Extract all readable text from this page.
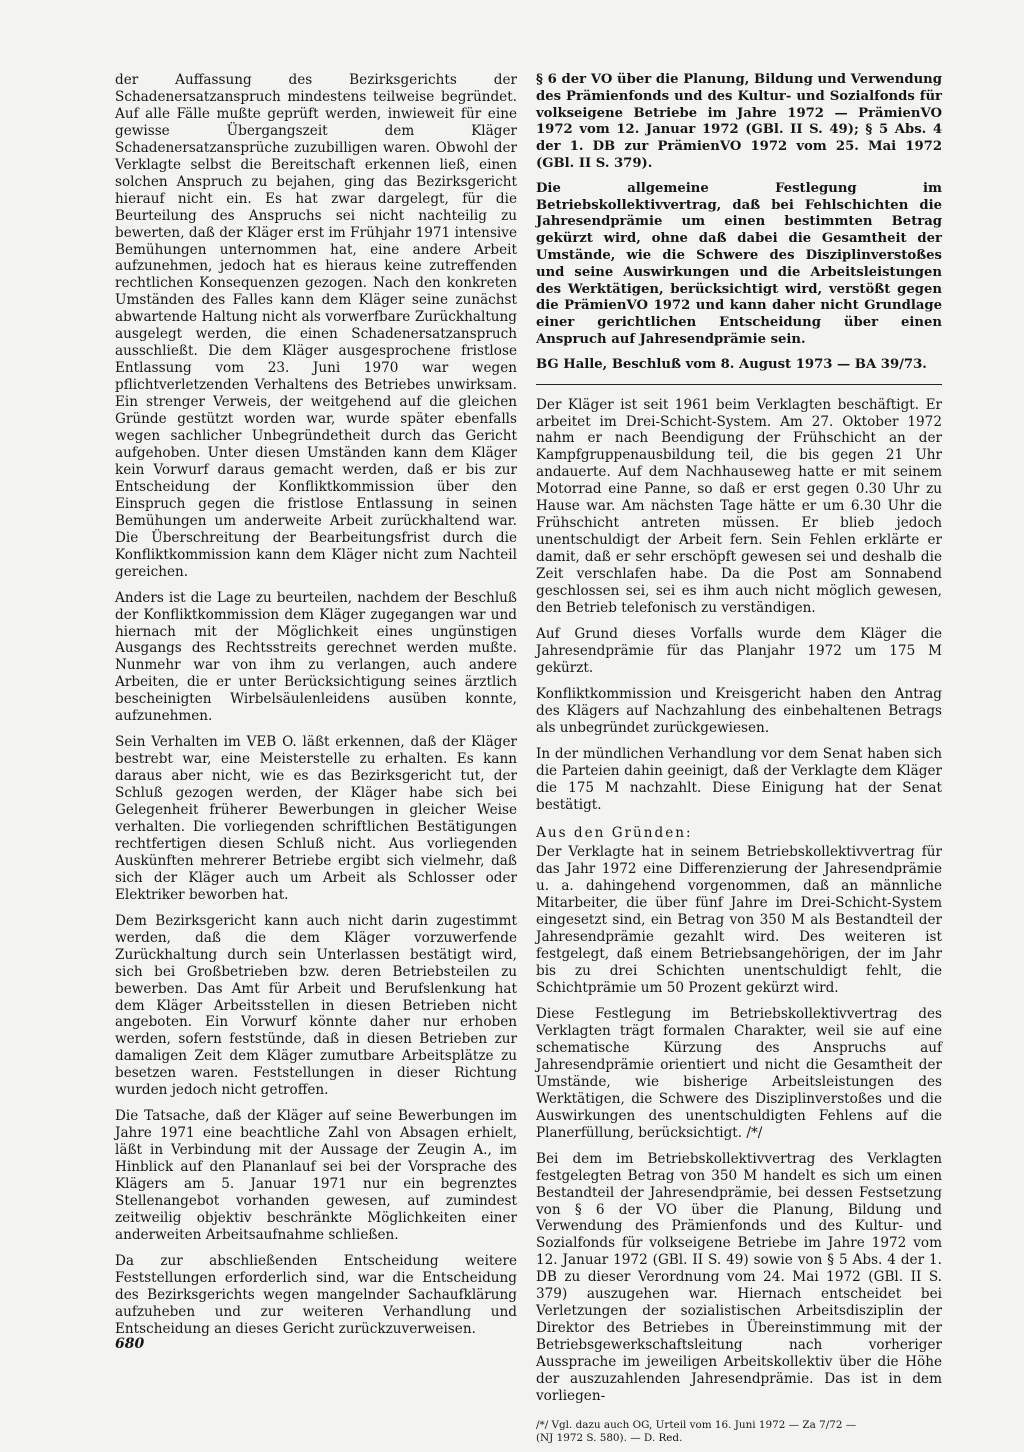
der Auffassung des Bezirksgerichts der Schadenersatzanspruch mindestens teilweise begründet. Auf alle Fälle mußte geprüft werden, inwieweit für eine gewisse Übergangszeit dem Kläger Schadenersatzansprüche zuzubilligen waren. Obwohl der Verklagte selbst die Bereitschaft erkennen ließ, einen solchen Anspruch zu bejahen, ging das Bezirksgericht hierauf nicht ein. Es hat zwar dargelegt, für die Beurteilung des Anspruchs sei nicht nachteilig zu bewerten, daß der Kläger erst im Frühjahr 1971 intensive Bemühungen unternommen hat, eine andere Arbeit aufzunehmen, jedoch hat es hieraus keine zutreffenden rechtlichen Konsequenzen gezogen. Nach den konkreten Umständen des Falles kann dem Kläger seine zunächst abwartende Haltung nicht als vorwerfbare Zurückhaltung ausgelegt werden, die einen Schadenersatzanspruch ausschließt. Die dem Kläger ausgesprochene fristlose Entlassung vom 23. Juni 1970 war wegen pflichtverletzenden Verhaltens des Betriebes unwirksam. Ein strenger Verweis, der weitgehend auf die gleichen Gründe gestützt worden war, wurde später ebenfalls wegen sachlicher Unbegründetheit durch das Gericht aufgehoben. Unter diesen Umständen kann dem Kläger kein Vorwurf daraus gemacht werden, daß er bis zur Entscheidung der Konfliktkommission über den Einspruch gegen die fristlose Entlassung in seinen Bemühungen um anderweite Arbeit zurückhaltend war. Die Überschreitung der Bearbeitungsfrist durch die Konfliktkommission kann dem Kläger nicht zum Nachteil gereichen.

Anders ist die Lage zu beurteilen, nachdem der Beschluß der Konfliktkommission dem Kläger zugegangen war und hiernach mit der Möglichkeit eines ungünstigen Ausgangs des Rechtsstreits gerechnet werden mußte. Nunmehr war von ihm zu verlangen, auch andere Arbeiten, die er unter Berücksichtigung seines ärztlich bescheinigten Wirbelsäulenleidens ausüben konnte, aufzunehmen.

Sein Verhalten im VEB O. läßt erkennen, daß der Kläger bestrebt war, eine Meisterstelle zu erhalten. Es kann daraus aber nicht, wie es das Bezirksgericht tut, der Schluß gezogen werden, der Kläger habe sich bei Gelegenheit früherer Bewerbungen in gleicher Weise verhalten. Die vorliegenden schriftlichen Bestätigungen rechtfertigen diesen Schluß nicht. Aus vorliegenden Auskünften mehrerer Betriebe ergibt sich vielmehr, daß sich der Kläger auch um Arbeit als Schlosser oder Elektriker beworben hat.

Dem Bezirksgericht kann auch nicht darin zugestimmt werden, daß die dem Kläger vorzuwerfende Zurückhaltung durch sein Unterlassen bestätigt wird, sich bei Großbetrieben bzw. deren Betriebsteilen zu bewerben. Das Amt für Arbeit und Berufslenkung hat dem Kläger Arbeitsstellen in diesen Betrieben nicht angeboten. Ein Vorwurf könnte daher nur erhoben werden, sofern feststünde, daß in diesen Betrieben zur damaligen Zeit dem Kläger zumutbare Arbeitsplätze zu besetzen waren. Feststellungen in dieser Richtung wurden jedoch nicht getroffen.

Die Tatsache, daß der Kläger auf seine Bewerbungen im Jahre 1971 eine beachtliche Zahl von Absagen erhielt, läßt in Verbindung mit der Aussage der Zeugin A., im Hinblick auf den Plananlauf sei bei der Vorsprache des Klägers am 5. Januar 1971 nur ein begrenztes Stellenangebot vorhanden gewesen, auf zumindest zeitweilig objektiv beschränkte Möglichkeiten einer anderweiten Arbeitsaufnahme schließen.

Da zur abschließenden Entscheidung weitere Feststellungen erforderlich sind, war die Entscheidung des Bezirksgerichts wegen mangelnder Sachaufklärung aufzuheben und zur weiteren Verhandlung und Entscheidung an dieses Gericht zurückzuverweisen.

§ 6 der VO über die Planung, Bildung und Verwendung des Prämienfonds und des Kultur- und Sozialfonds für volkseigene Betriebe im Jahre 1972 — PrämienVO 1972 vom 12. Januar 1972 (GBl. II S. 49); § 5 Abs. 4 der 1. DB zur PrämienVO 1972 vom 25. Mai 1972 (GBl. II S. 379).

Die allgemeine Festlegung im Betriebskollektivvertrag, daß bei Fehlschichten die Jahresendprämie um einen bestimmten Betrag gekürzt wird, ohne daß dabei die Gesamtheit der Umstände, wie die Schwere des Disziplinverstoßes und seine Auswirkungen und die Arbeitsleistungen des Werktätigen, berücksichtigt wird, verstößt gegen die PrämienVO 1972 und kann daher nicht Grundlage einer gerichtlichen Entscheidung über einen Anspruch auf Jahresendprämie sein.

BG Halle, Beschluß vom 8. August 1973 — BA 39/73.

Der Kläger ist seit 1961 beim Verklagten beschäftigt. Er arbeitet im Drei-Schicht-System. Am 27. Oktober 1972 nahm er nach Beendigung der Frühschicht an der Kampfgruppenausbildung teil, die bis gegen 21 Uhr andauerte. Auf dem Nachhauseweg hatte er mit seinem Motorrad eine Panne, so daß er erst gegen 0.30 Uhr zu Hause war. Am nächsten Tage hätte er um 6.30 Uhr die Frühschicht antreten müssen. Er blieb jedoch unentschuldigt der Arbeit fern. Sein Fehlen erklärte er damit, daß er sehr erschöpft gewesen sei und deshalb die Zeit verschlafen habe. Da die Post am Sonnabend geschlossen sei, sei es ihm auch nicht möglich gewesen, den Betrieb telefonisch zu verständigen.

Auf Grund dieses Vorfalls wurde dem Kläger die Jahresendprämie für das Planjahr 1972 um 175 M gekürzt.

Konfliktkommission und Kreisgericht haben den Antrag des Klägers auf Nachzahlung des einbehaltenen Betrags als unbegründet zurückgewiesen.

In der mündlichen Verhandlung vor dem Senat haben sich die Parteien dahin geeinigt, daß der Verklagte dem Kläger die 175 M nachzahlt. Diese Einigung hat der Senat bestätigt.

Aus den Gründen:

Der Verklagte hat in seinem Betriebskollektivvertrag für das Jahr 1972 eine Differenzierung der Jahresendprämie u. a. dahingehend vorgenommen, daß an männliche Mitarbeiter, die über fünf Jahre im Drei-Schicht-System eingesetzt sind, ein Betrag von 350 M als Bestandteil der Jahresendprämie gezahlt wird. Des weiteren ist festgelegt, daß einem Betriebsangehörigen, der im Jahr bis zu drei Schichten unentschuldigt fehlt, die Schichtprämie um 50 Prozent gekürzt wird.

Diese Festlegung im Betriebskollektivvertrag des Verklagten trägt formalen Charakter, weil sie auf eine schematische Kürzung des Anspruchs auf Jahresendprämie orientiert und nicht die Gesamtheit der Umstände, wie bisherige Arbeitsleistungen des Werktätigen, die Schwere des Disziplinverstoßes und die Auswirkungen des unentschuldigten Fehlens auf die Planerfüllung, berücksichtigt. /*/

Bei dem im Betriebskollektivvertrag des Verklagten festgelegten Betrag von 350 M handelt es sich um einen Bestandteil der Jahresendprämie, bei dessen Festsetzung von § 6 der VO über die Planung, Bildung und Verwendung des Prämienfonds und des Kultur- und Sozialfonds für volkseigene Betriebe im Jahre 1972 vom 12. Januar 1972 (GBl. II S. 49) sowie von § 5 Abs. 4 der 1. DB zu dieser Verordnung vom 24. Mai 1972 (GBl. II S. 379) auszugehen war. Hiernach entscheidet bei Verletzungen der sozialistischen Arbeitsdisziplin der Direktor des Betriebes in Übereinstimmung mit der Betriebsgewerkschaftsleitung nach vorheriger Aussprache im jeweiligen Arbeitskollektiv über die Höhe der auszuzahlenden Jahresendprämie. Das ist in dem vorliegen-

/*/ Vgl. dazu auch OG, Urteil vom 16. Juni 1972 — Za 7/72 —
(NJ 1972 S. 580). — D. Red.
680
